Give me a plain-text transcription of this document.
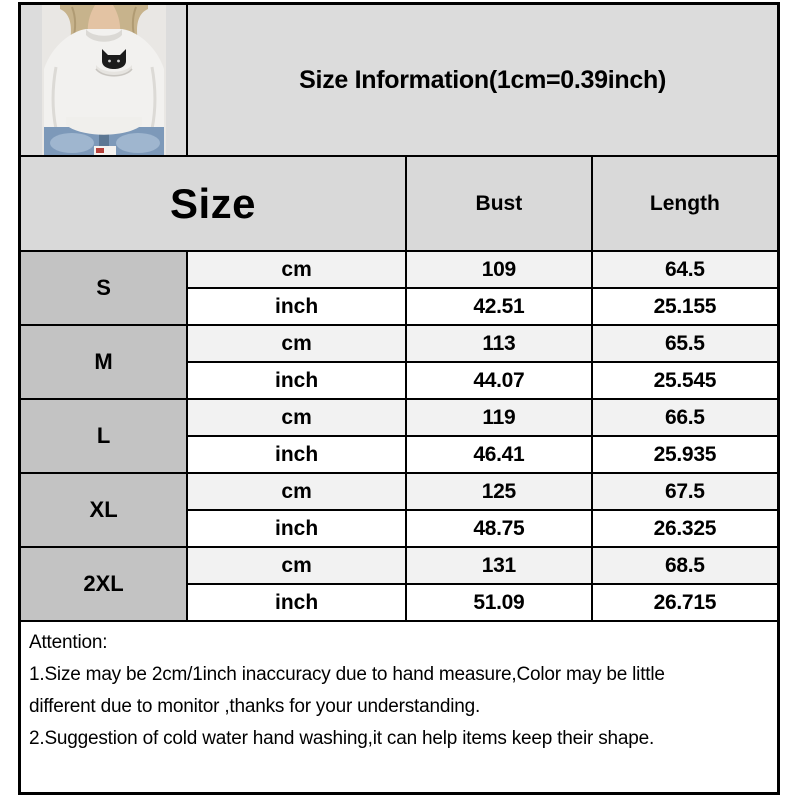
	Size Information(1cm=0.39inch)		
Size		Bust	Length
S	cm	109	64.5
	inch	42.51	25.155
M	cm	113	65.5
	inch	44.07	25.545
L	cm	119	66.5
	inch	46.41	25.935
XL	cm	125	67.5
	inch	48.75	26.325
2XL	cm	131	68.5
	inch	51.09	26.715

Attention:
1.Size may be 2cm/1inch inaccuracy due to hand measure,Color may be little
different due to monitor ,thanks for your understanding.
2.Suggestion of cold water hand washing,it can help items keep their shape.			
